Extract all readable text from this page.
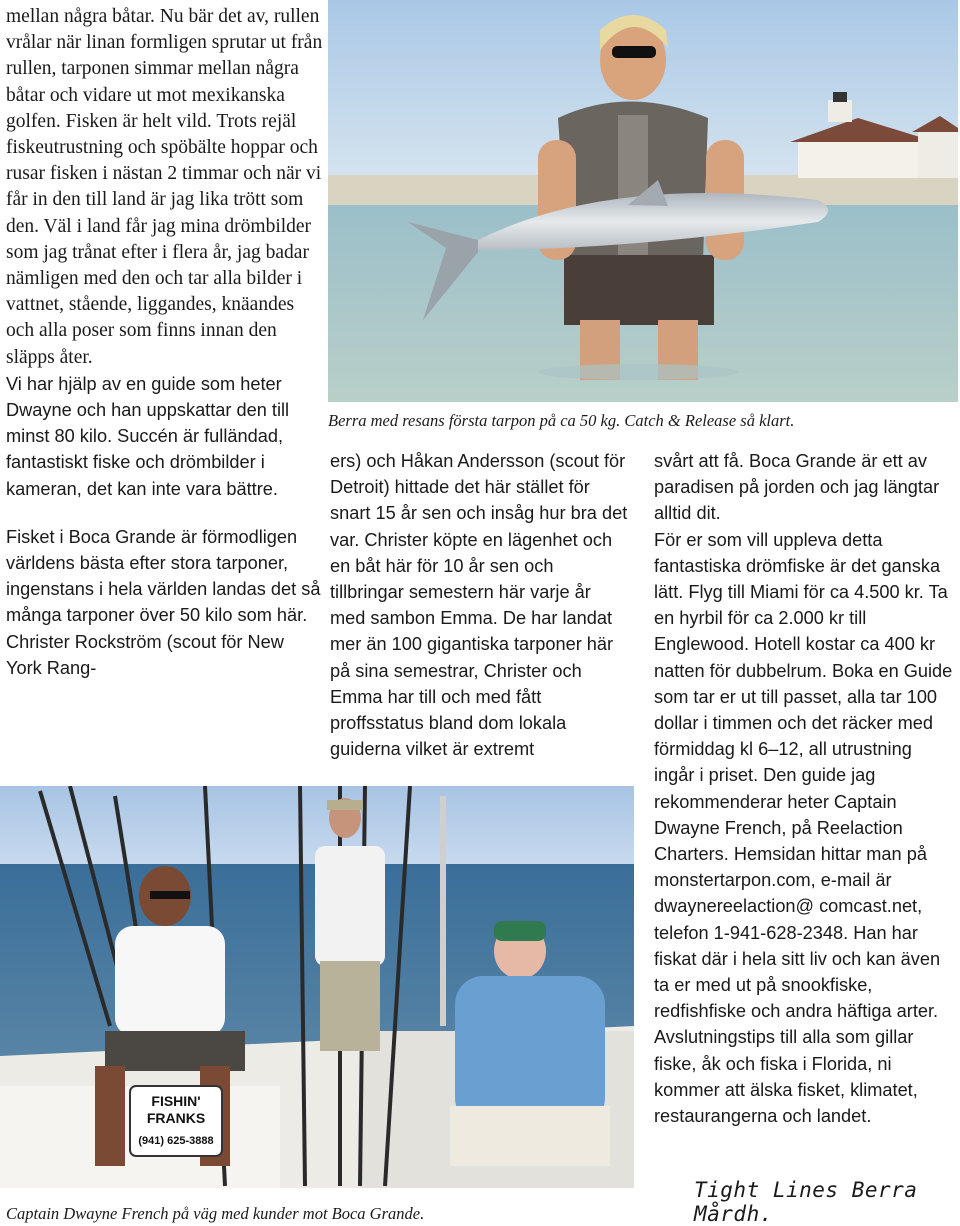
mellan några båtar. Nu bär det av, rullen vrålar när linan formligen sprutar ut från rullen, tarponen simmar mellan några båtar och vidare ut mot mexikanska golfen. Fisken är helt vild. Trots rejäl fiskeutrustning och spöbälte hoppar och rusar fisken i nästan 2 timmar och när vi får in den till land är jag lika trött som den. Väl i land får jag mina drömbilder som jag trånat efter i flera år, jag badar nämligen med den och tar alla bilder i vattnet, stående, liggandes, knäandes och alla poser som finns innan den släpps åter.

Vi har hjälp av en guide som heter Dwayne och han uppskattar den till minst 80 kilo. Succén är fulländad, fantastiskt fiske och drömbilder i kameran, det kan inte vara bättre.

Fisket i Boca Grande är förmodligen världens bästa efter stora tarponer, ingenstans i hela världen landas det så många tarponer över 50 kilo som här. Christer Rockström (scout för New York Rang-

Berra med resans första tarpon på ca 50 kg. Catch & Release så klart.

ers) och Håkan Andersson (scout för Detroit) hittade det här stället för snart 15 år sen och insåg hur bra det var. Christer köpte en lägenhet och en båt här för 10 år sen och tillbringar semestern här varje år med sambon Emma. De har landat mer än 100 gigantiska tarponer här på sina semestrar, Christer och Emma har till och med fått proffsstatus bland dom lokala guiderna vilket är extremt

svårt att få. Boca Grande är ett av paradisen på jorden och jag längtar alltid dit.

För er som vill uppleva detta fantastiska drömfiske är det ganska lätt. Flyg till Miami för ca 4.500 kr. Ta en hyrbil för ca 2.000 kr till Englewood. Hotell kostar ca 400 kr natten för dubbelrum. Boka en Guide som tar er ut till passet, alla tar 100 dollar i timmen och det räcker med förmiddag kl 6–12, all utrustning ingår i priset. Den guide jag rekommenderar heter Captain Dwayne French, på Reelaction Charters. Hemsidan hittar man på monstertarpon.com, e-mail är dwaynereelaction@ comcast.net, telefon 1-941-628-2348. Han har fiskat där i hela sitt liv och kan även ta er med ut på snookfiske, redfishfiske och andra häftiga arter. Avslutningstips till alla som gillar fiske, åk och fiska i Florida, ni kommer att älska fisket, klimatet, restaurangerna och landet.

FISHIN'
FRANKS
(941) 625-3888
Captain Dwayne French på väg med kunder mot Boca Grande.
Tight Lines Berra Mårdh.
